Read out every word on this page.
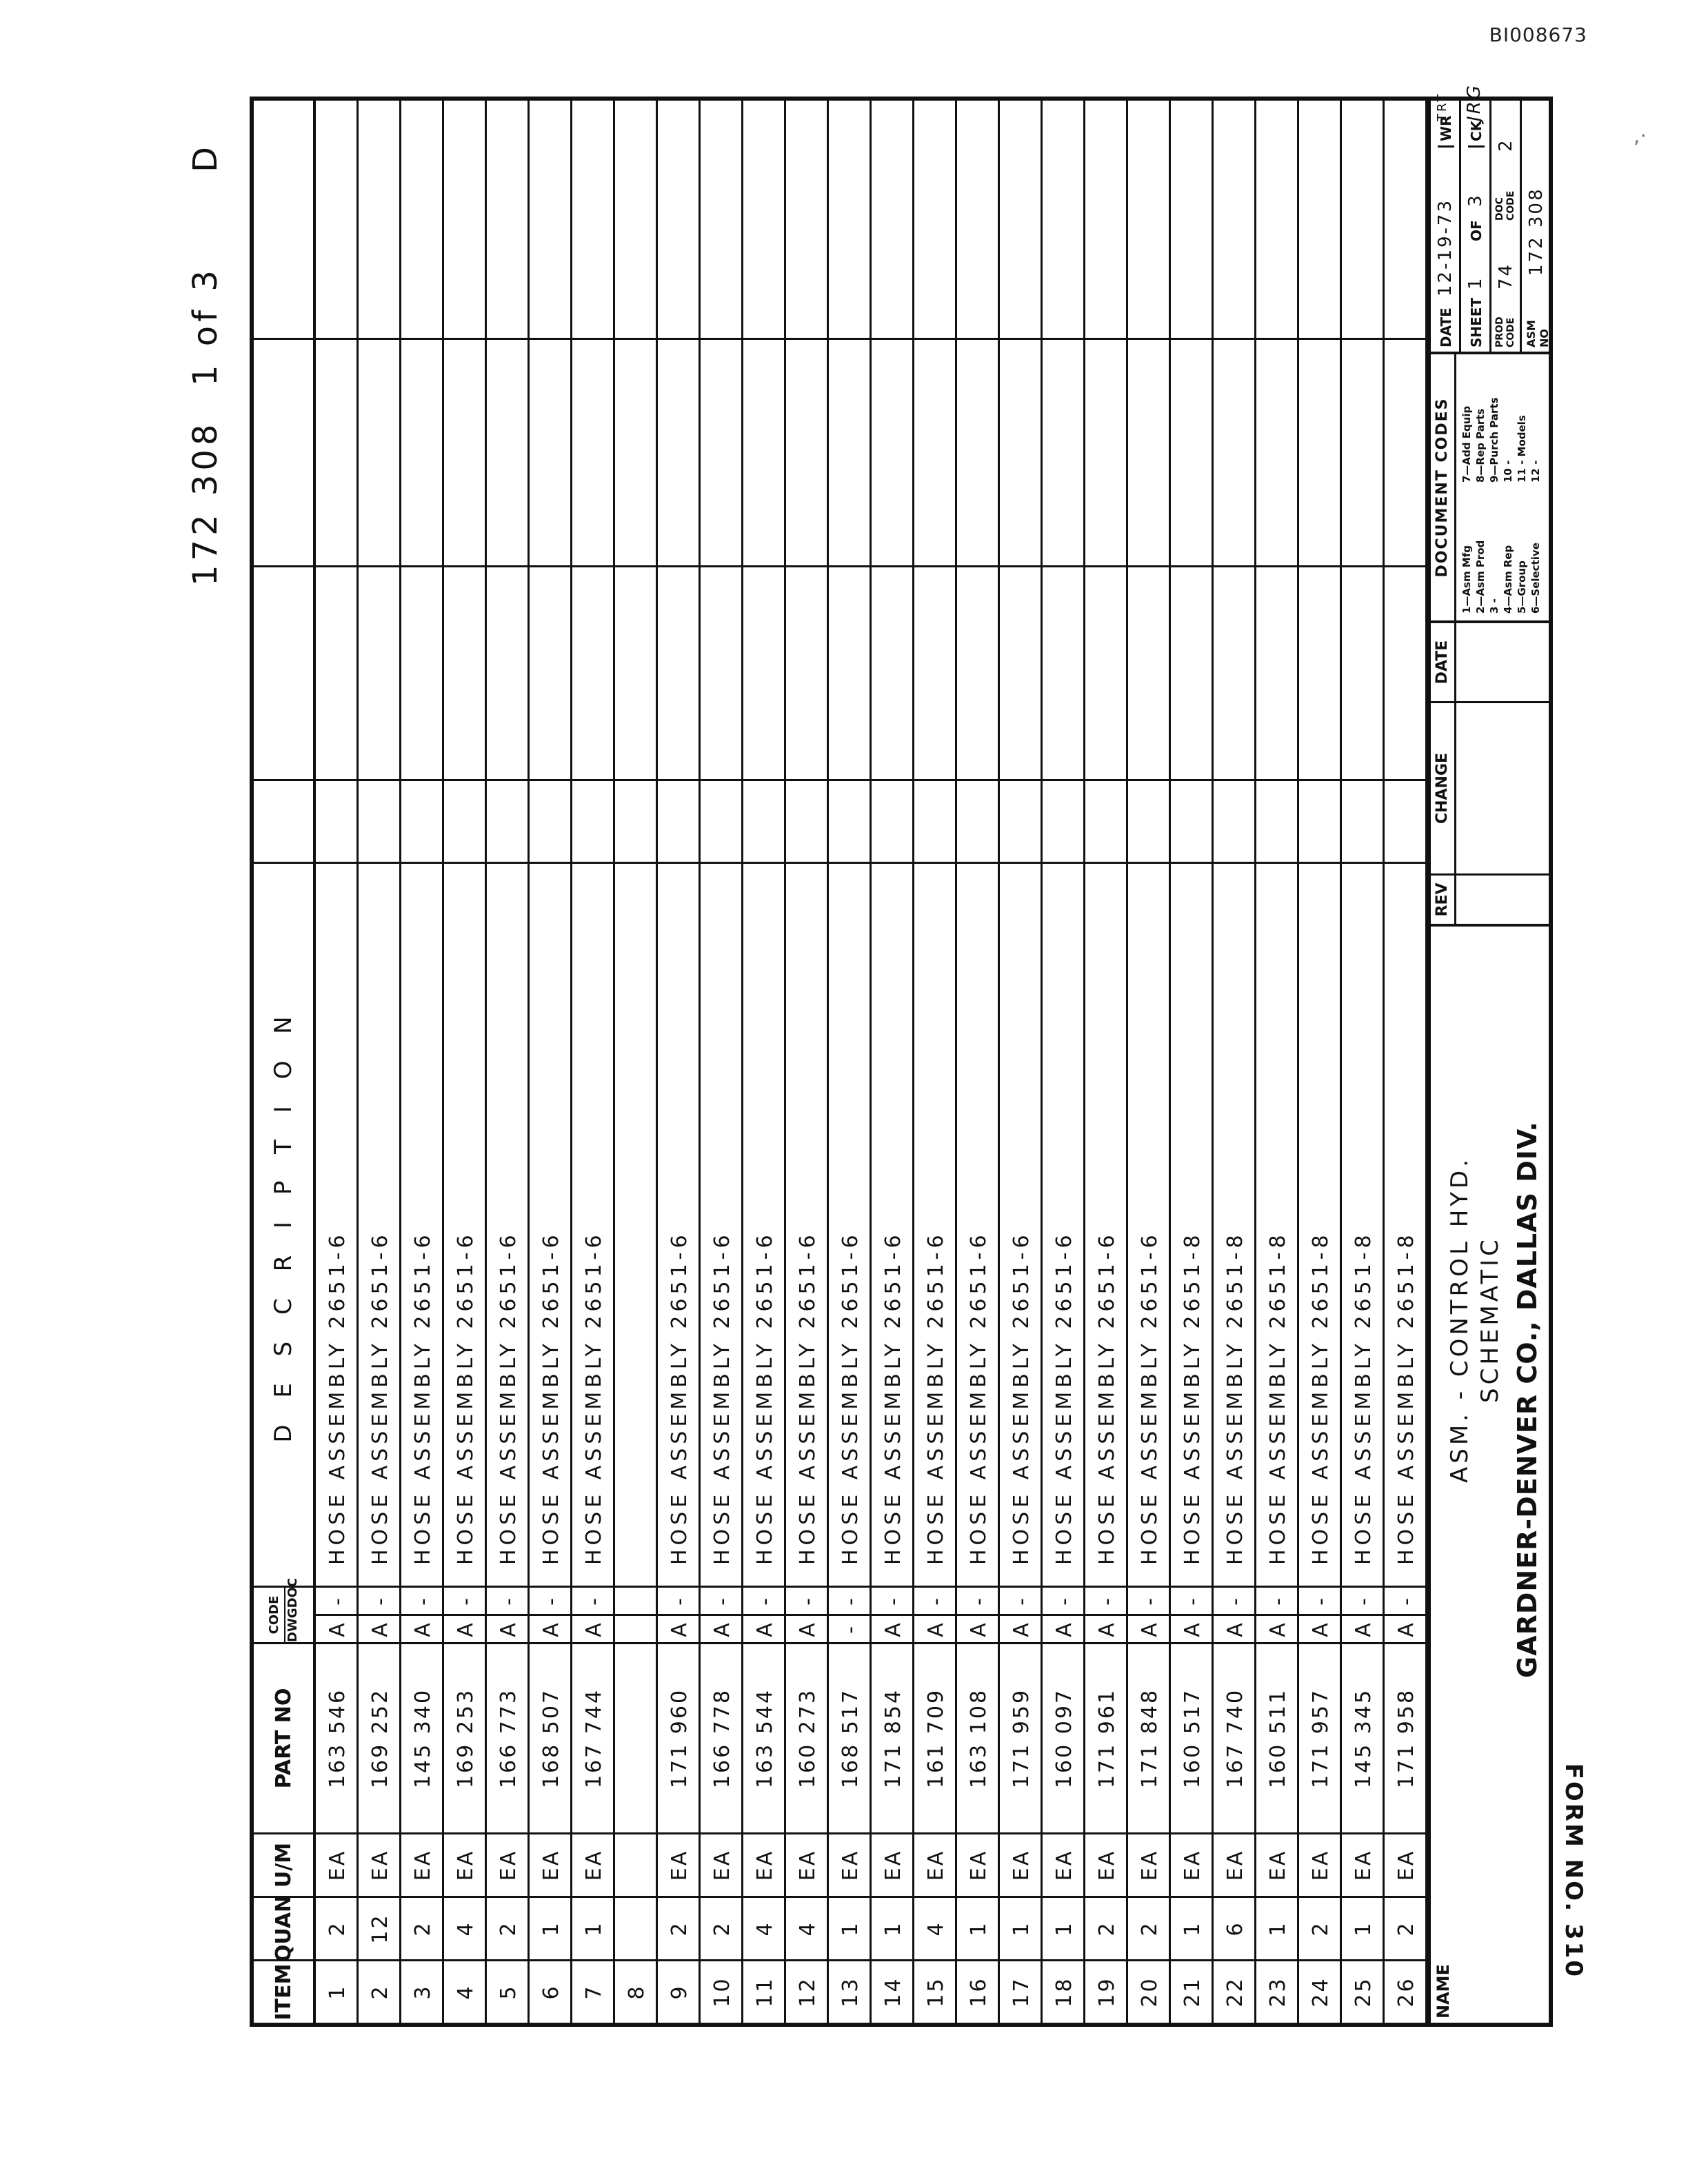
BI008673
,·
172 308
1 of 3
D
ITEM
QUAN
U/M
PART NO
CODE DWG
DOC
D E S C R I P T I O N
1
2
EA
163 546
A
-
HOSE ASSEMBLY 2651-6
2
12
EA
169 252
A
-
HOSE ASSEMBLY 2651-6
3
2
EA
145 340
A
-
HOSE ASSEMBLY 2651-6
4
4
EA
169 253
A
-
HOSE ASSEMBLY 2651-6
5
2
EA
166 773
A
-
HOSE ASSEMBLY 2651-6
6
1
EA
168 507
A
-
HOSE ASSEMBLY 2651-6
7
1
EA
167 744
A
-
HOSE ASSEMBLY 2651-6
8 9
2
EA
171 960
A
-
HOSE ASSEMBLY 2651-6
10
2
EA
166 778
A
-
HOSE ASSEMBLY 2651-6
11
4
EA
163 544
A
-
HOSE ASSEMBLY 2651-6
12
4
EA
160 273
A
-
HOSE ASSEMBLY 2651-6
13
1
EA
168 517
-
-
HOSE ASSEMBLY 2651-6
14
1
EA
171 854
A
-
HOSE ASSEMBLY 2651-6
15
4
EA
161 709
A
-
HOSE ASSEMBLY 2651-6
16
1
EA
163 108
A
-
HOSE ASSEMBLY 2651-6
17
1
EA
171 959
A
-
HOSE ASSEMBLY 2651-6
18
1
EA
160 097
A
-
HOSE ASSEMBLY 2651-6
19
2
EA
171 961
A
-
HOSE ASSEMBLY 2651-6
20
2
EA
171 848
A
-
HOSE ASSEMBLY 2651-6
21
1
EA
160 517
A
-
HOSE ASSEMBLY 2651-8
22
6
EA
167 740
A
-
HOSE ASSEMBLY 2651-8
23
1
EA
160 511
A
-
HOSE ASSEMBLY 2651-8
24
2
EA
171 957
A
-
HOSE ASSEMBLY 2651-8
25
1
EA
145 345
A
-
HOSE ASSEMBLY 2651-8
26
2
EA
171 958
A
-
HOSE ASSEMBLY 2651-8
NAME
ASM. - CONTROL HYD. SCHEMATIC GARDNER-DENVER CO., DALLAS DIV.
REV
CHANGE
DATE
DOCUMENT CODES
1—Asm Mfg 2—Asm Prod 3 - 4—Asm Rep 5—Group 6—Selective
7—Add Equip 8—Rep Parts 9—Purch Parts 10 - 11 - Models 12 -
DATE
12-19-73
WR
TRT
SHEET
1
OF
3
CK
JRG
PROD CODE
74
DOC CODE
2
ASM NO
172 308
FORM NO. 310
